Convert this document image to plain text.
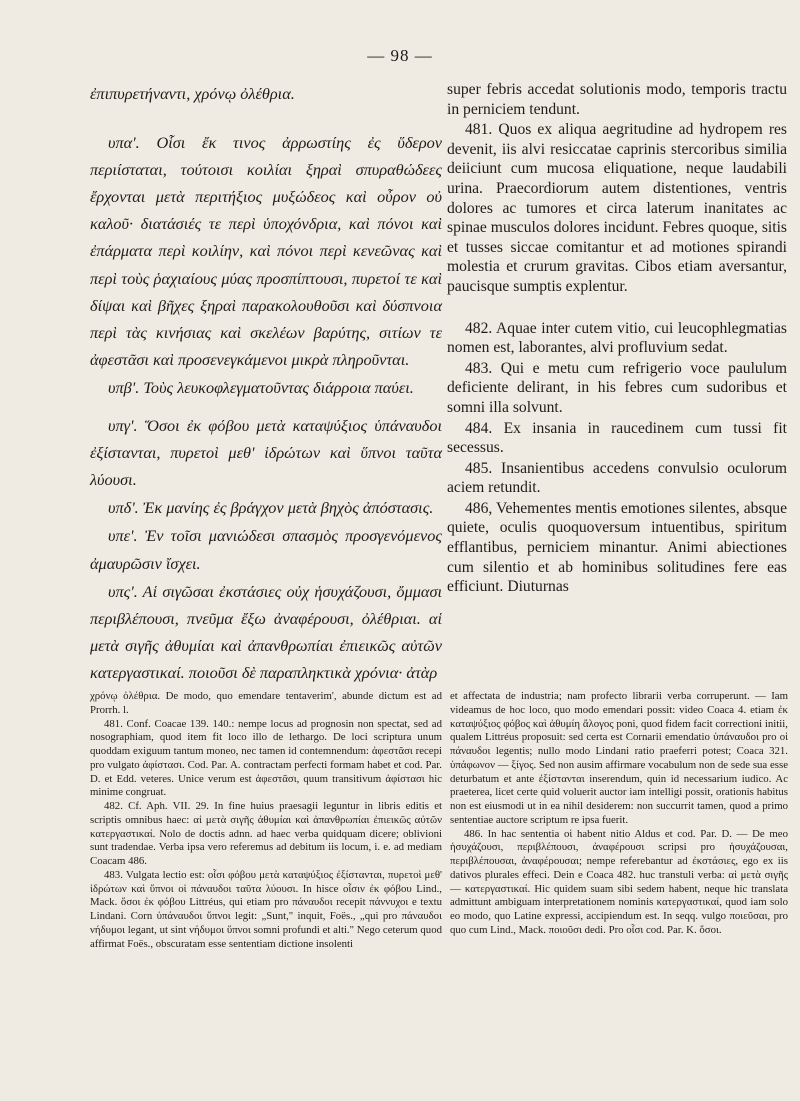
— 98 —

ἐπιπυρετήναντι, χρόνῳ ὀλέθρια.

υπα'. Οἷσι ἔκ τινος ἀρρωστίης ἐς ὕδερον περιίσταται, τούτοισι κοιλίαι ξηραὶ σπυραθώδεες ἔρχονται μετὰ περιτήξιος μυξώδεος καὶ οὖρον οὐ καλοῦ· διατάσιές τε περὶ ὑποχόνδρια, καὶ πόνοι καὶ ἐπάρματα περὶ κοιλίην, καὶ πόνοι περὶ κενεῶνας καὶ περὶ τοὺς ῥαχιαίους μύας προσπίπτουσι, πυρετοί τε καὶ δίψαι καὶ βῆχες ξηραὶ παρακολουθοῦσι καὶ δύσπνοια περὶ τὰς κινήσιας καὶ σκελέων βαρύτης, σιτίων τε ἀφεστᾶσι καὶ προσενεγκάμενοι μικρὰ πληροῦνται.

υπβ'. Τοὺς λευκοφλεγματοῦντας διάρροια παύει.

υπγ'. Ὅσοι ἐκ φόβου μετὰ καταψύξιος ὑπάναυδοι ἐξίστανται, πυρετοὶ μεθ' ἱδρώτων καὶ ὕπνοι ταῦτα λύουσι.

υπδ'. Ἐκ μανίης ἐς βράγχον μετὰ βηχὸς ἀπόστασις.

υπε'. Ἐν τοῖσι μανιώδεσι σπασμὸς προσγενόμενος ἀμαυρῶσιν ἴσχει.

υπς'. Αἱ σιγῶσαι ἐκστάσιες οὐχ ἡσυχάζουσι, ὄμμασι περιβλέπουσι, πνεῦμα ἔξω ἀναφέρουσι, ὀλέθριαι. αἱ μετὰ σιγῆς ἀθυμίαι καὶ ἀπανθρωπίαι ἐπιεικῶς αὐτῶν κατεργαστικαί. ποιοῦσι δὲ παραπληκτικὰ χρόνια· ἀτὰρ

super febris accedat solutionis modo, temporis tractu in perniciem tendunt.

481. Quos ex aliqua aegritudine ad hydropem res devenit, iis alvi resiccatae caprinis stercoribus similia deiiciunt cum mucosa eliquatione, neque laudabili urina. Praecordiorum autem distentiones, ventris dolores ac tumores et circa laterum inanitates ac spinae musculos dolores incidunt. Febres quoque, sitis et tusses siccae comitantur et ad motiones spirandi molestia et crurum gravitas. Cibos etiam aversantur, paucisque sumptis explentur.

482. Aquae inter cutem vitio, cui leucophlegmatias nomen est, laborantes, alvi profluvium sedat.

483. Qui e metu cum refrigerio voce paululum deficiente delirant, in his febres cum sudoribus et somni illa solvunt.

484. Ex insania in raucedinem cum tussi fit secessus.

485. Insanientibus accedens convulsio oculorum aciem retundit.

486, Vehementes mentis emotiones silentes, absque quiete, oculis quoquoversum intuentibus, spiritum efflantibus, perniciem minantur. Animi abiectiones cum silentio et ab hominibus solitudines fere eas efficiunt. Diuturnas

χρόνῳ ὀλέθρια. De modo, quo emendare tentaverim', abunde dictum est ad Prorrh. l.

481. Conf. Coacae 139. 140.: nempe locus ad prognosin non spectat, sed ad nosographiam, quod item fit loco illo de lethargo. De loci scriptura unum quoddam exiguum tantum moneo, nec tamen id contemnendum: ἀφεστᾶσι recepi pro vulgato ἀφίστασι. Cod. Par. A. contractam perfecti formam habet et cod. Par. D. et Edd. veteres. Unice verum est ἀφεστᾶσι, quum transitivum ἀφίστασι hic minime congruat.

482. Cf. Aph. VII. 29. In fine huius praesagii leguntur in libris editis et scriptis omnibus haec: αἱ μετὰ σιγῆς ἀθυμίαι καὶ ἀπανθρωπίαι ἐπιεικῶς αὐτῶν κατεργαστικαί. Nolo de doctis adnn. ad haec verba quidquam dicere; oblivioni sunt tradendae. Verba ipsa vero referemus ad debitum iis locum, i. e. ad mediam Coacam 486.

483. Vulgata lectio est: οἷσι φόβου μετὰ καταψύξιος ἐξίστανται, πυρετοὶ μεθ' ἱδρώτων καὶ ὕπνοι οἱ πάναυδοι ταῦτα λύουσι. In hisce οἷσιν ἐκ φόβου Lind., Mack. ὅσοι ἐκ φόβου Littréus, qui etiam pro πάναυδοι recepit πάννυχοι e textu Lindani. Corn ὑπάναυδοι ὕπνοι legit: „Sunt," inquit, Foës., „qui pro πάναυδοι νήδυμοι legant, ut sint νήδυμοι ὕπνοι somni profundi et alti." Nego ceterum quod affirmat Foës., obscuratam esse sententiam dictione insolenti

et affectata de industria; nam profecto librarii verba corruperunt. — Iam videamus de hoc loco, quo modo emendari possit: video Coaca 4. etiam ἐκ καταψύξιος φόβος καὶ ἀθυμίη ἄλογος poni, quod fidem facit correctioni initii, qualem Littréus proposuit: sed certa est Cornarii emendatio ὑπάναυδοι pro οἱ πάναυδοι legentis; nullo modo Lindani ratio praeferri potest; Coaca 321. ὑπάφωνον — ξίγος. Sed non ausim affirmare vocabulum non de sede sua esse deturbatum et ante ἐξίστανται inserendum, quin id necessarium iudico. Ac praeterea, licet certe quid voluerit auctor iam intelligi possit, orationis habitus non est eiusmodi ut in ea nihil desiderem: non succurrit tamen, quod a primo sententiae auctore scriptum re ipsa fuerit.

486. In hac sententia οἱ habent nitio Aldus et cod. Par. D. — De meo ἡσυχάζουσι, περιβλέπουσι, ἀναφέρουσι scripsi pro ἡσυχάζουσαι, περιβλέπουσαι, ἀναφέρουσαι; nempe referebantur ad ἐκστάσιες, ego ex iis dativos plurales effeci. Dein e Coaca 482. huc transtuli verba: αἱ μετὰ σιγῆς — κατεργαστικαί. Hic quidem suam sibi sedem habent, neque hic translata admittunt ambiguam interpretationem nominis κατεργαστικαί, quod iam solo eo modo, quo Latine expressi, accipiendum est. In seqq. vulgo ποιεῦσαι, pro quo cum Lind., Mack. ποιοῦσι dedi. Pro οἷσι cod. Par. K. ὅσοι.
